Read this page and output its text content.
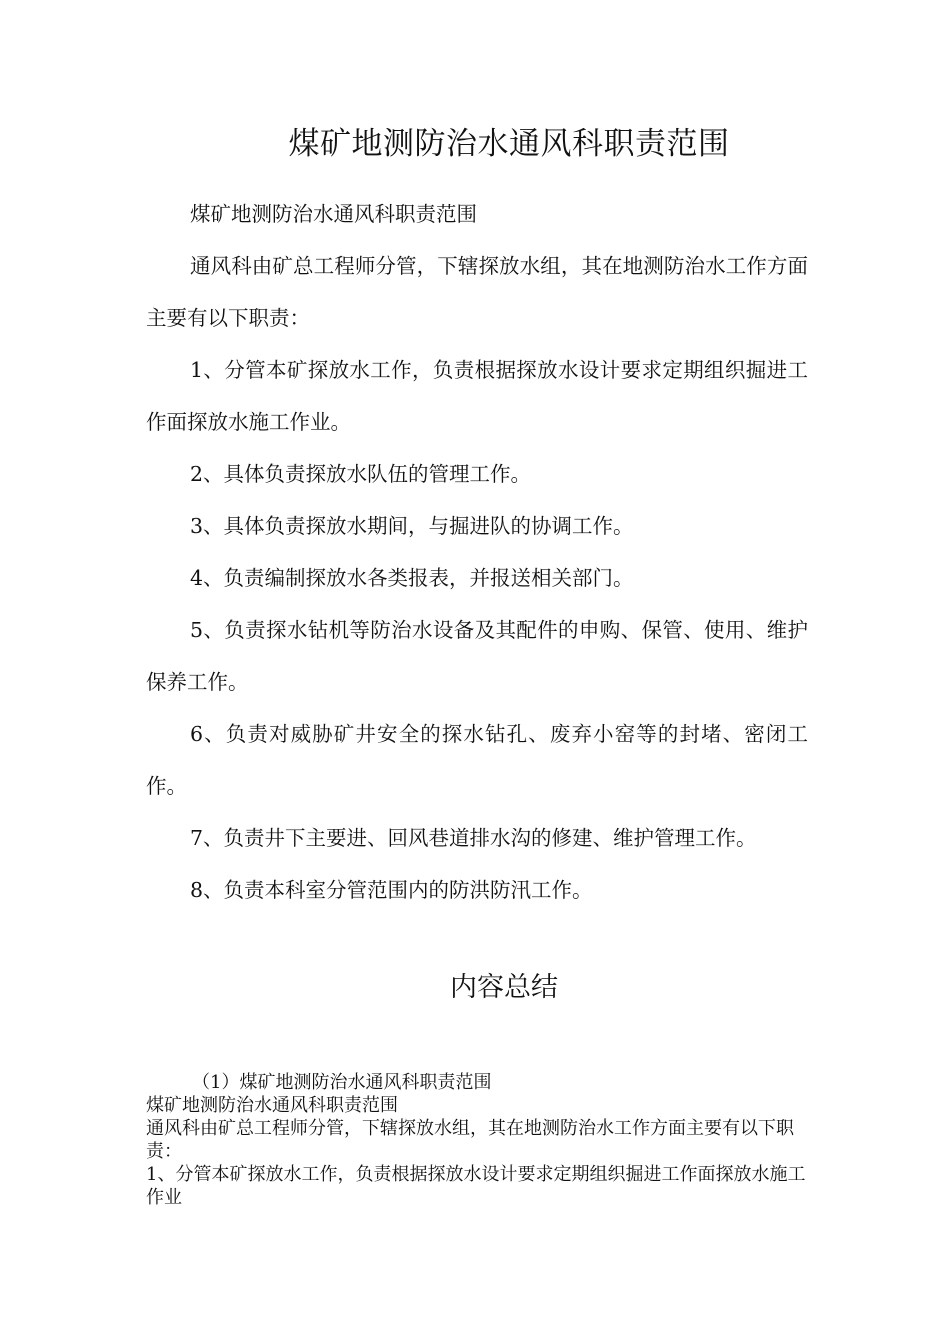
煤矿地测防治水通风科职责范围

煤矿地测防治水通风科职责范围

通风科由矿总工程师分管，下辖探放水组，其在地测防治水工作方面主要有以下职责：

1、分管本矿探放水工作，负责根据探放水设计要求定期组织掘进工作面探放水施工作业。

2、具体负责探放水队伍的管理工作。

3、具体负责探放水期间，与掘进队的协调工作。

4、负责编制探放水各类报表，并报送相关部门。

5、负责探水钻机等防治水设备及其配件的申购、保管、使用、维护保养工作。

6、负责对威胁矿井安全的探水钻孔、废弃小窑等的封堵、密闭工作。

7、负责井下主要进、回风巷道排水沟的修建、维护管理工作。

8、负责本科室分管范围内的防洪防汛工作。

内容总结

（1）煤矿地测防治水通风科职责范围

煤矿地测防治水通风科职责范围

通风科由矿总工程师分管，下辖探放水组，其在地测防治水工作方面主要有以下职责：

1、分管本矿探放水工作，负责根据探放水设计要求定期组织掘进工作面探放水施工作业
